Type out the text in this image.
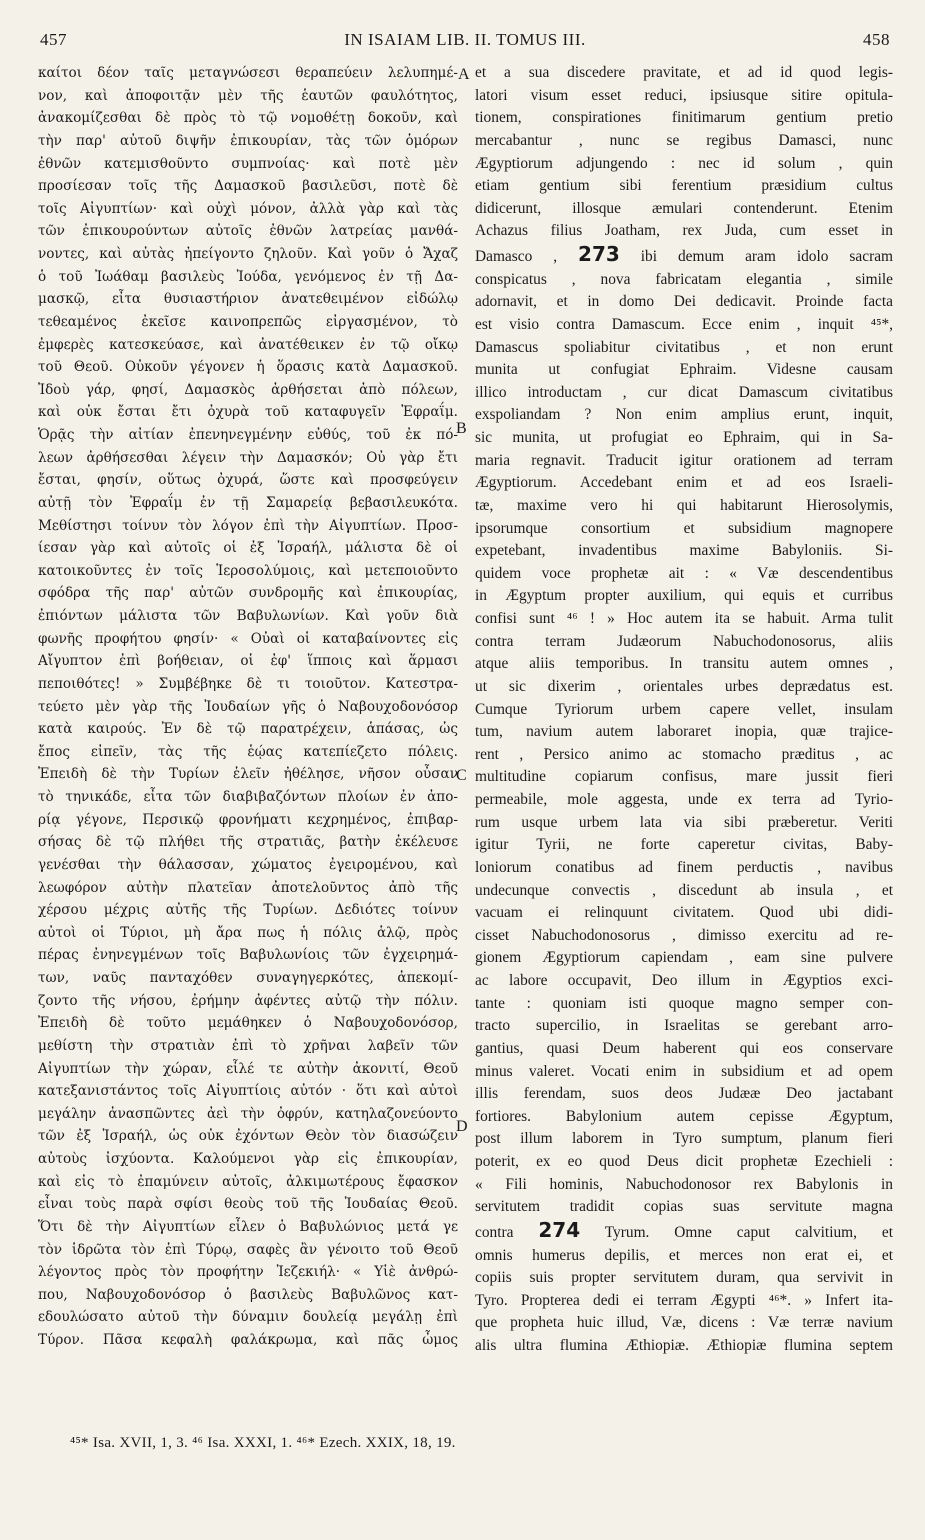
457	IN ISAIAM LIB. II. TOMUS III.	458
καίτοι δέον ταῖς μεταγνώσεσι θεραπεύειν λελυπημέ-
νον, καὶ ἀποφοιτᾷν μὲν τῆς ἑαυτῶν φαυλότητος,
ἀνακομίζεσθαι δὲ πρὸς τὸ τῷ νομοθέτῃ δοκοῦν, καὶ
τὴν παρ' αὐτοῦ διψῆν ἐπικουρίαν, τὰς τῶν ὁμόρων
ἐθνῶν κατεμισθοῦντο συμπνοίας· καὶ ποτὲ μὲν
προσίεσαν τοῖς τῆς Δαμασκοῦ βασιλεῦσι, ποτὲ δὲ
τοῖς Αἰγυπτίων· καὶ οὐχὶ μόνον, ἀλλὰ γὰρ καὶ τὰς
τῶν ἐπικουρούντων αὐτοῖς ἐθνῶν λατρείας μανθά-
νοντες, καὶ αὐτὰς ἠπείγοντο ζηλοῦν. Καὶ γοῦν ὁ Ἄχαζ
ὁ τοῦ Ἰωάθαμ βασιλεὺς Ἰούδα, γενόμενος ἐν τῇ Δα-
μασκῷ, εἶτα θυσιαστήριον ἀνατεθειμένον εἰδώλῳ
τεθεαμένος ἐκεῖσε καινοπρεπῶς εἰργασμένον, τὸ
ἐμφερὲς κατεσκεύασε, καὶ ἀνατέθεικεν ἐν τῷ οἴκῳ
τοῦ Θεοῦ. Οὐκοῦν γέγονεν ἡ ὅρασις κατὰ Δαμασκοῦ.
Ἰδοὺ γάρ, φησί, Δαμασκὸς ἀρθήσεται ἀπὸ πόλεων,
καὶ οὐκ ἔσται ἔτι ὀχυρὰ τοῦ καταφυγεῖν Ἐφραΐμ.
Ὁρᾷς τὴν αἰτίαν ἐπενηνεγμένην εὐθύς, τοῦ ἐκ πό-
λεων ἀρθήσεσθαι λέγειν τὴν Δαμασκόν; Οὐ γὰρ ἔτι
ἔσται, φησίν, οὕτως ὀχυρά, ὥστε καὶ προσφεύγειν
αὐτῇ τὸν Ἐφραΐμ ἐν τῇ Σαμαρείᾳ βεβασιλευκότα.
Μεθίστησι τοίνυν τὸν λόγον ἐπὶ τὴν Αἰγυπτίων. Προσ-
ίεσαν γὰρ καὶ αὐτοῖς οἱ ἐξ Ἰσραήλ, μάλιστα δὲ οἱ
κατοικοῦντες ἐν τοῖς Ἱεροσολύμοις, καὶ μετεποιοῦντο
σφόδρα τῆς παρ' αὐτῶν συνδρομῆς καὶ ἐπικουρίας,
ἐπιόντων μάλιστα τῶν Βαβυλωνίων. Καὶ γοῦν διὰ
φωνῆς προφήτου φησίν· « Οὐαὶ οἱ καταβαίνοντες εἰς
Αἴγυπτον ἐπὶ βοήθειαν, οἱ ἐφ' ἵπποις καὶ ἅρμασι
πεποιθότες! » Συμβέβηκε δὲ τι τοιοῦτον. Κατεστρα-
τεύετο μὲν γὰρ τῆς Ἰουδαίων γῆς ὁ Ναβουχοδονόσορ
κατὰ καιρούς. Ἐν δὲ τῷ παρατρέχειν, ἁπάσας, ὡς
ἔπος εἰπεῖν, τὰς τῆς ἑῴας κατεπίεζετο πόλεις.
Ἐπειδὴ δὲ τὴν Τυρίων ἑλεῖν ἠθέλησε, νῆσον οὖσαν
τὸ τηνικάδε, εἶτα τῶν διαβιβαζόντων πλοίων ἐν ἀπο-
ρίᾳ γέγονε, Περσικῷ φρονήματι κεχρημένος, ἐπιβαρ-
σήσας δὲ τῷ πλήθει τῆς στρατιᾶς, βατὴν ἐκέλευσε
γενέσθαι τὴν θάλασσαν, χώματος ἐγειρομένου, καὶ
λεωφόρον αὐτὴν πλατεῖαν ἀποτελοῦντος ἀπὸ τῆς
χέρσου μέχρις αὐτῆς τῆς Τυρίων. Δεδιότες τοίνυν
αὐτοὶ οἱ Τύριοι, μὴ ἄρα πως ἡ πόλις ἁλῷ, πρὸς
πέρας ἐνηνεγμένων τοῖς Βαβυλωνίοις τῶν ἐγχειρημά-
των, ναῦς πανταχόθεν συναγηγερκότες, ἀπεκομί-
ζοντο τῆς νήσου, ἐρήμην ἀφέντες αὐτῷ τὴν πόλιν.
Ἐπειδὴ δὲ τοῦτο μεμάθηκεν ὁ Ναβουχοδονόσορ,
μεθίστη τὴν στρατιὰν ἐπὶ τὸ χρῆναι λαβεῖν τῶν
Αἰγυπτίων τὴν χώραν, εἷλέ τε αὐτὴν ἀκονιτί, Θεοῦ
κατεξανιστάντος τοῖς Αἰγυπτίοις αὐτόν · ὅτι καὶ αὐτοὶ
μεγάλην ἀνασπῶντες ἀεὶ τὴν ὀφρύν, κατηλαζονεύοντο
τῶν ἐξ Ἰσραήλ, ὡς οὐκ ἐχόντων Θεὸν τὸν διασώζειν
αὐτοὺς ἰσχύοντα. Καλούμενοι γὰρ εἰς ἐπικουρίαν,
καὶ εἰς τὸ ἐπαμύνειν αὐτοῖς, ἀλκιμωτέρους ἔφασκον
εἶναι τοὺς παρὰ σφίσι θεοὺς τοῦ τῆς Ἰουδαίας Θεοῦ.
Ὅτι δὲ τὴν Αἰγυπτίων εἷλεν ὁ Βαβυλώνιος μετά γε
τὸν ἱδρῶτα τὸν ἐπὶ Τύρῳ, σαφὲς ἂν γένοιτο τοῦ Θεοῦ
λέγοντος πρὸς τὸν προφήτην Ἰεζεκιήλ· « Υἱὲ ἀνθρώ-
που, Ναβουχοδονόσορ ὁ βασιλεὺς Βαβυλῶνος κατ-
εδουλώσατο αὐτοῦ τὴν δύναμιν δουλείᾳ μεγάλῃ ἐπὶ
Τύρον. Πᾶσα κεφαλὴ φαλάκρωμα, καὶ πᾶς ὦμος
et a sua discedere pravitate, et ad id quod legis-
latori visum esset reduci, ipsiusque sitire opitula-
tionem, conspirationes finitimarum gentium pretio
mercabantur , nunc se regibus Damasci, nunc
Ægyptiorum adjungendo : nec id solum , quin
etiam gentium sibi ferentium præsidium cultus
didicerunt, illosque æmulari contenderunt. Etenim
Achazus filius Joatham, rex Juda, cum esset in
Damasco , 273 ibi demum aram idolo sacram
conspicatus , nova fabricatam elegantia , simile
adornavit, et in domo Dei dedicavit. Proinde facta
est visio contra Damascum. Ecce enim , inquit ⁴⁵*,
Damascus spoliabitur civitatibus , et non erunt
munita ut confugiat Ephraim. Videsne causam
illico introductam , cur dicat Damascum civitatibus
exspoliandam ? Non enim amplius erunt, inquit,
sic munita, ut profugiat eo Ephraim, qui in Sa-
maria regnavit. Traducit igitur orationem ad terram
Ægyptiorum. Accedebant enim et ad eos Israeli-
tæ, maxime vero hi qui habitarunt Hierosolymis,
ipsorumque consortium et subsidium magnopere
expetebant, invadentibus maxime Babyloniis. Si-
quidem voce prophetæ ait : « Væ descendentibus
in Ægyptum propter auxilium, qui equis et curribus
confisi sunt ⁴⁶ ! » Hoc autem ita se habuit. Arma tulit
contra terram Judæorum Nabuchodonosorus, aliis
atque aliis temporibus. In transitu autem omnes ,
ut sic dixerim , orientales urbes deprædatus est.
Cumque Tyriorum urbem capere vellet, insulam
tum, navium autem laboraret inopia, quæ trajice-
rent , Persico animo ac stomacho præditus , ac
multitudine copiarum confisus, mare jussit fieri
permeabile, mole aggesta, unde ex terra ad Tyrio-
rum usque urbem lata via sibi præberetur. Veriti
igitur Tyrii, ne forte caperetur civitas, Baby-
loniorum conatibus ad finem perductis , navibus
undecunque convectis , discedunt ab insula , et
vacuam ei relinquunt civitatem. Quod ubi didi-
cisset Nabuchodonosorus , dimisso exercitu ad re-
gionem Ægyptiorum capiendam , eam sine pulvere
ac labore occupavit, Deo illum in Ægyptios exci-
tante : quoniam isti quoque magno semper con-
tracto supercilio, in Israelitas se gerebant arro-
gantius, quasi Deum haberent qui eos conservare
minus valeret. Vocati enim in subsidium et ad opem
illis ferendam, suos deos Judææ Deo jactabant
fortiores. Babylonium autem cepisse Ægyptum,
post illum laborem in Tyro sumptum, planum fieri
poterit, ex eo quod Deus dicit prophetæ Ezechieli :
« Fili hominis, Nabuchodonosor rex Babylonis in
servitutem tradidit copias suas servitute magna
contra 274 Tyrum. Omne caput calvitium, et
omnis humerus depilis, et merces non erat ei, et
copiis suis propter servitutem duram, qua servivit in
Tyro. Propterea dedi ei terram Ægypti ⁴⁶*. » Infert ita-
que propheta huic illud, Væ, dicens : Væ terræ navium
alis ultra flumina Æthiopiæ. Æthiopiæ flumina septem
A
B
C
D
⁴⁵* Isa. XVII, 1, 3. ⁴⁶ Isa. XXXI, 1. ⁴⁶* Ezech. XXIX, 18, 19.
